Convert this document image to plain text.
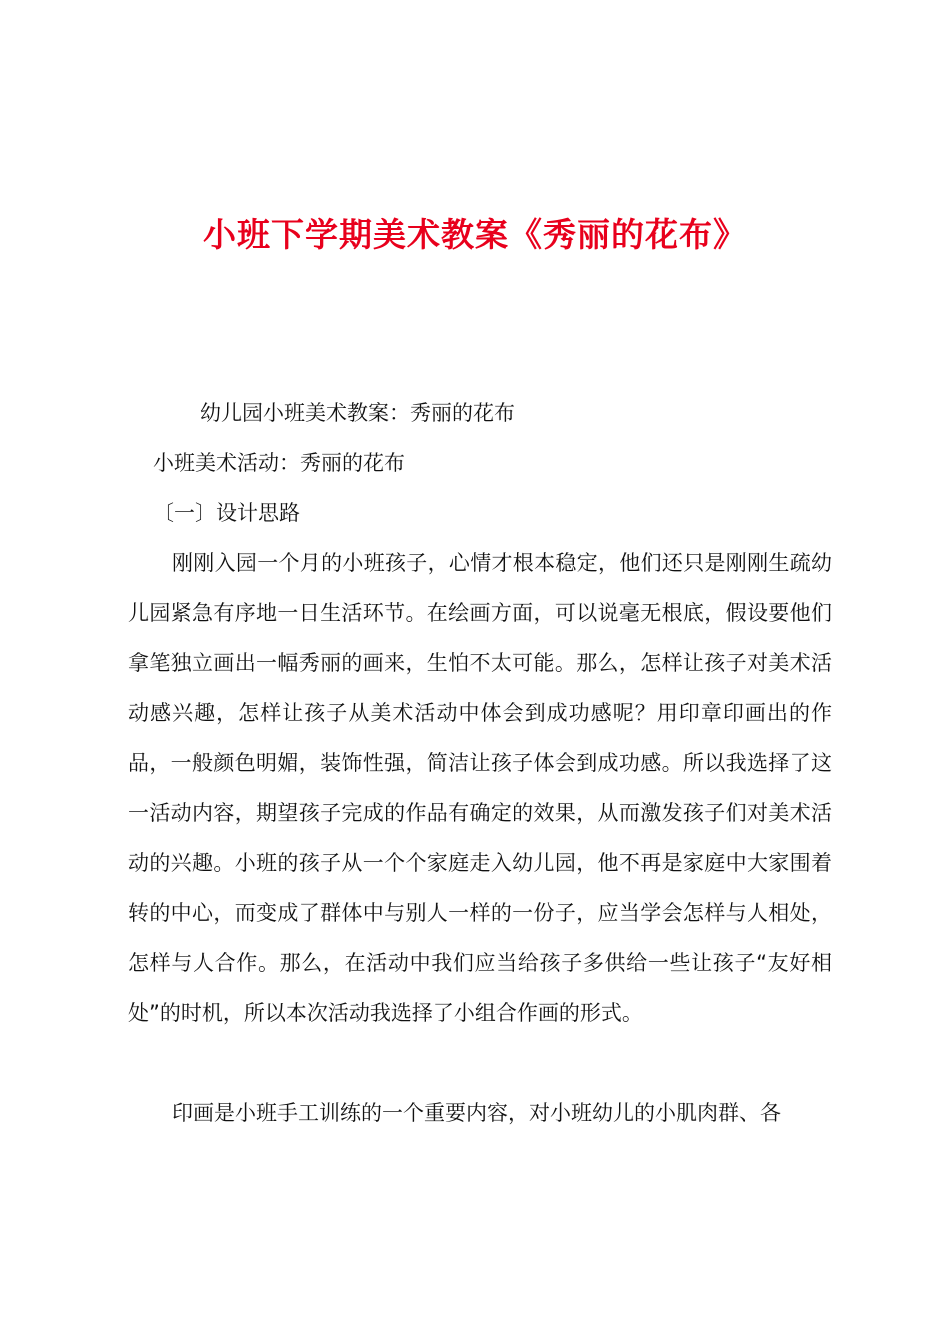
小班下学期美术教案《秀丽的花布》
幼儿园小班美术教案：秀丽的花布
小班美术活动：秀丽的花布
〔一〕设计思路
刚刚入园一个月的小班孩子，心情才根本稳定，他们还只是刚刚生疏幼儿园紧急有序地一日生活环节。在绘画方面，可以说毫无根底，假设要他们拿笔独立画出一幅秀丽的画来，生怕不太可能。那么，怎样让孩子对美术活动感兴趣，怎样让孩子从美术活动中体会到成功感呢？用印章印画出的作品，一般颜色明媚，装饰性强，简洁让孩子体会到成功感。所以我选择了这一活动内容，期望孩子完成的作品有确定的效果，从而激发孩子们对美术活动的兴趣。小班的孩子从一个个家庭走入幼儿园，他不再是家庭中大家围着转的中心，而变成了群体中与别人一样的一份子，应当学会怎样与人相处，怎样与人合作。那么，在活动中我们应当给孩子多供给一些让孩子“友好相处”的时机，所以本次活动我选择了小组合作画的形式。
印画是小班手工训练的一个重要内容，对小班幼儿的小肌肉群、各
